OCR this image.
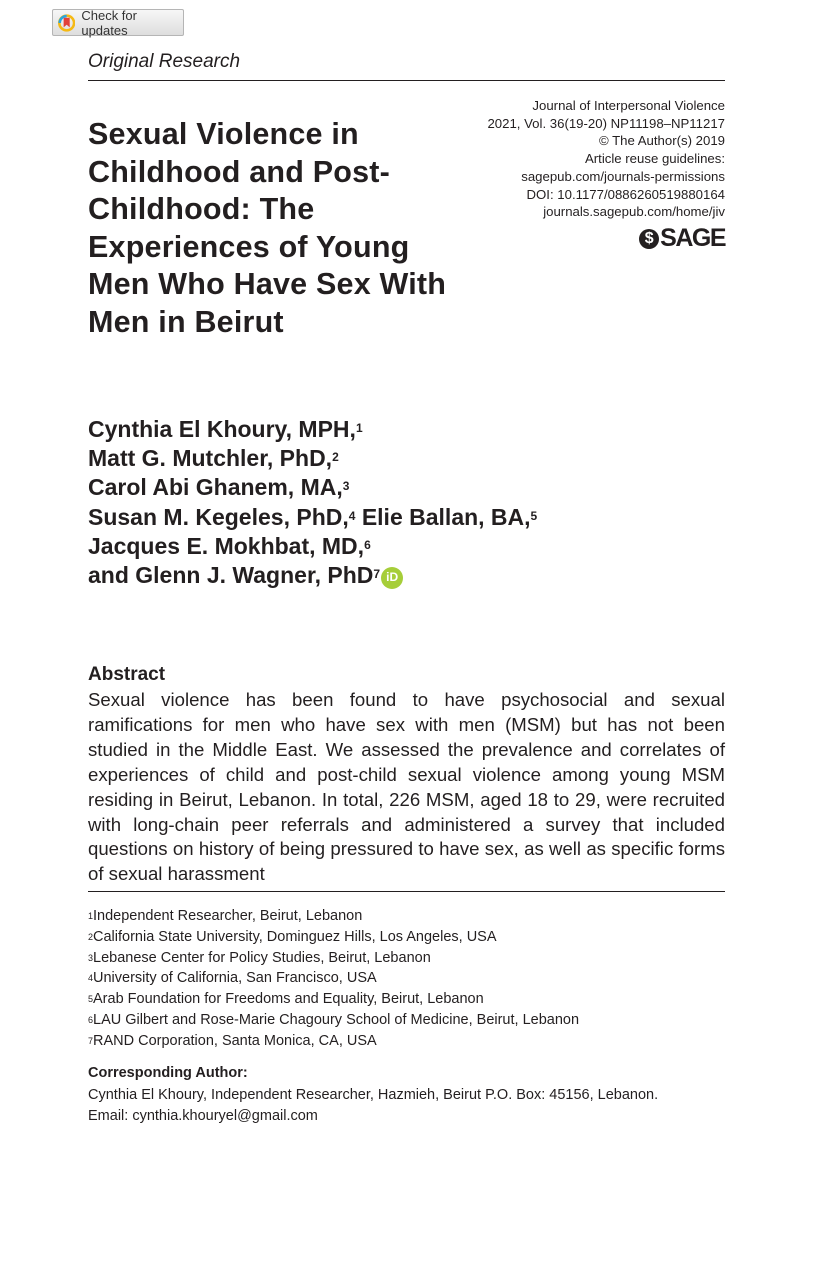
Check for updates
Original Research
Sexual Violence in Childhood and Post-Childhood: The Experiences of Young Men Who Have Sex With Men in Beirut
Journal of Interpersonal Violence
2021, Vol. 36(19-20) NP11198–NP11217
© The Author(s) 2019
Article reuse guidelines:
sagepub.com/journals-permissions
DOI: 10.1177/0886260519880164
journals.sagepub.com/home/jiv
$ SAGE
Cynthia El Khoury, MPH,$^1$
Matt G. Mutchler, PhD,$^2$
Carol Abi Ghanem, MA,$^3$
Susan M. Kegeles, PhD,$^4$ Elie Ballan, BA,$^5$
Jacques E. Mokhbat, MD,$^6$
and Glenn J. Wagner, PhD$^7$ iD
Abstract
Sexual violence has been found to have psychosocial and sexual ramifications for men who have sex with men (MSM) but has not been studied in the Middle East. We assessed the prevalence and correlates of experiences of child and post-child sexual violence among young MSM residing in Beirut, Lebanon. In total, 226 MSM, aged 18 to 29, were recruited with long-chain peer referrals and administered a survey that included questions on history of being pressured to have sex, as well as specific forms of sexual harassment
$^1$Independent Researcher, Beirut, Lebanon
$^2$California State University, Dominguez Hills, Los Angeles, USA
$^3$Lebanese Center for Policy Studies, Beirut, Lebanon
$^4$University of California, San Francisco, USA
$^5$Arab Foundation for Freedoms and Equality, Beirut, Lebanon
$^6$LAU Gilbert and Rose-Marie Chagoury School of Medicine, Beirut, Lebanon
$^7$RAND Corporation, Santa Monica, CA, USA
Corresponding Author:
Cynthia El Khoury, Independent Researcher, Hazmieh, Beirut P.O. Box: 45156, Lebanon.
Email: cynthia.khouryel@gmail.com
